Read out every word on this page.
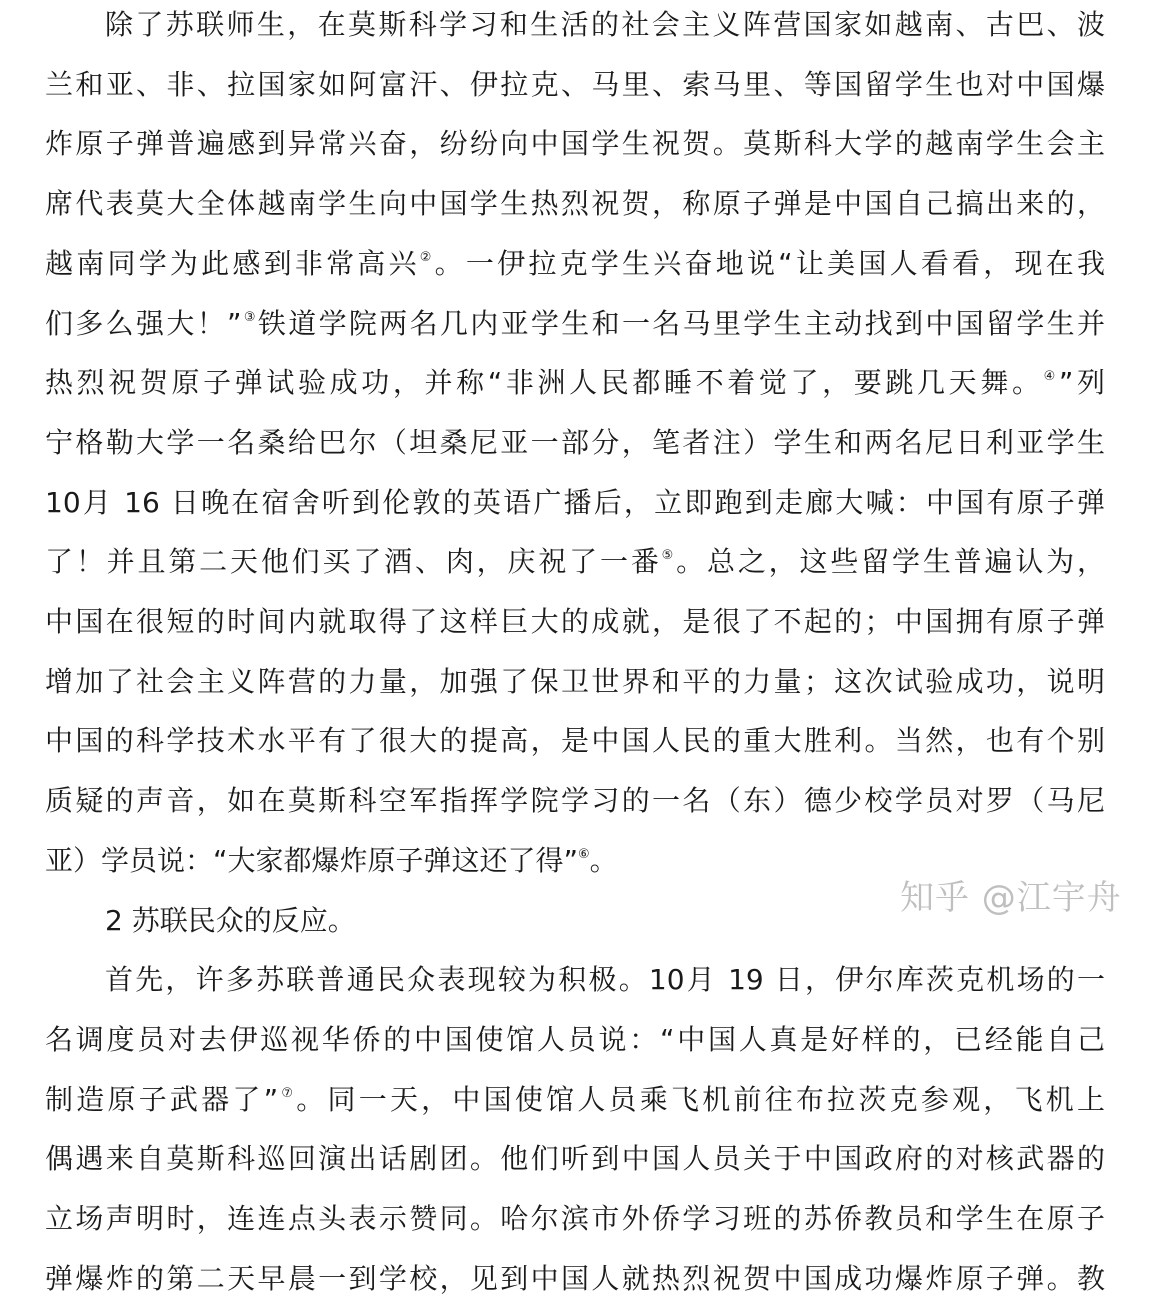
除了苏联师生，在莫斯科学习和生活的社会主义阵营国家如越南、古巴、波
兰和亚、非、拉国家如阿富汗、伊拉克、马里、索马里、等国留学生也对中国爆
炸原子弹普遍感到异常兴奋，纷纷向中国学生祝贺。莫斯科大学的越南学生会主
席代表莫大全体越南学生向中国学生热烈祝贺，称原子弹是中国自己搞出来的，
越南同学为此感到非常高兴②。一伊拉克学生兴奋地说“让美国人看看，现在我
们多么强大！”③铁道学院两名几内亚学生和一名马里学生主动找到中国留学生并
热烈祝贺原子弹试验成功，并称“非洲人民都睡不着觉了，要跳几天舞。④”列
宁格勒大学一名桑给巴尔（坦桑尼亚一部分，笔者注）学生和两名尼日利亚学生
10月 16 日晚在宿舍听到伦敦的英语广播后，立即跑到走廊大喊：中国有原子弹
了！并且第二天他们买了酒、肉，庆祝了一番⑤。总之，这些留学生普遍认为，
中国在很短的时间内就取得了这样巨大的成就，是很了不起的；中国拥有原子弹
增加了社会主义阵营的力量，加强了保卫世界和平的力量；这次试验成功，说明
中国的科学技术水平有了很大的提高，是中国人民的重大胜利。当然，也有个别
质疑的声音，如在莫斯科空军指挥学院学习的一名（东）德少校学员对罗（马尼
亚）学员说：“大家都爆炸原子弹这还了得”⑥。
2 苏联民众的反应。
首先，许多苏联普通民众表现较为积极。10月 19 日，伊尔库茨克机场的一
名调度员对去伊巡视华侨的中国使馆人员说：“中国人真是好样的，已经能自己
制造原子武器了”⑦。同一天，中国使馆人员乘飞机前往布拉茨克参观，飞机上
偶遇来自莫斯科巡回演出话剧团。他们听到中国人员关于中国政府的对核武器的
立场声明时，连连点头表示赞同。哈尔滨市外侨学习班的苏侨教员和学生在原子
弹爆炸的第二天早晨一到学校，见到中国人就热烈祝贺中国成功爆炸原子弹。教
知乎 @江宇舟
